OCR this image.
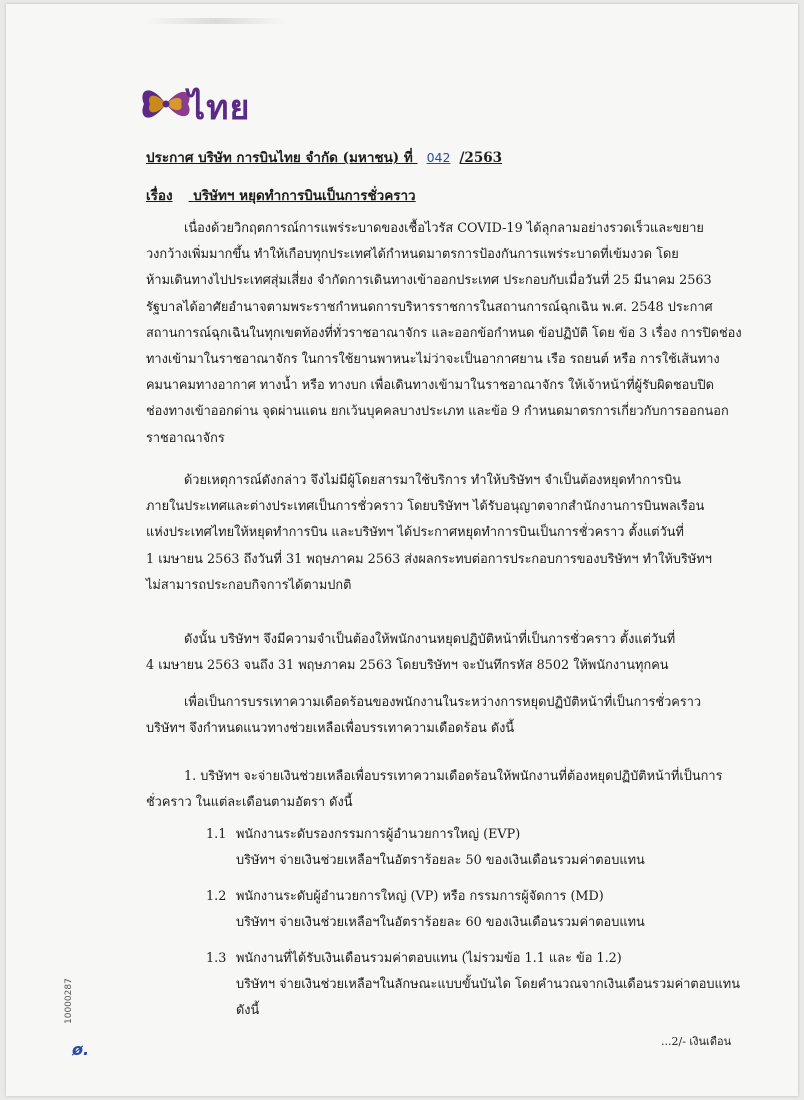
ไทย
ประกาศ บริษัท การบินไทย จำกัด (มหาชน) ที่ 042 /2563
เรื่อง บริษัทฯ หยุดทำการบินเป็นการชั่วคราว

เนื่องด้วยวิกฤตการณ์การแพร่ระบาดของเชื้อไวรัส COVID-19 ได้ลุกลามอย่างรวดเร็วและขยาย

วงกว้างเพิ่มมากขึ้น ทำให้เกือบทุกประเทศได้กำหนดมาตรการป้องกันการแพร่ระบาดที่เข้มงวด โดย

ห้ามเดินทางไปประเทศสุ่มเสี่ยง จำกัดการเดินทางเข้าออกประเทศ ประกอบกับเมื่อวันที่ 25 มีนาคม 2563

รัฐบาลได้อาศัยอำนาจตามพระราชกำหนดการบริหารราชการในสถานการณ์ฉุกเฉิน พ.ศ. 2548 ประกาศ

สถานการณ์ฉุกเฉินในทุกเขตท้องที่ทั่วราชอาณาจักร และออกข้อกำหนด ข้อปฏิบัติ โดย ข้อ 3 เรื่อง การปิดช่อง

ทางเข้ามาในราชอาณาจักร ในการใช้ยานพาหนะไม่ว่าจะเป็นอากาศยาน เรือ รถยนต์ หรือ การใช้เส้นทาง

คมนาคมทางอากาศ ทางน้ำ หรือ ทางบก เพื่อเดินทางเข้ามาในราชอาณาจักร ให้เจ้าหน้าที่ผู้รับผิดชอบปิด

ช่องทางเข้าออกด่าน จุดผ่านแดน ยกเว้นบุคคลบางประเภท และข้อ 9 กำหนดมาตรการเกี่ยวกับการออกนอก

ราชอาณาจักร

ด้วยเหตุการณ์ดังกล่าว จึงไม่มีผู้โดยสารมาใช้บริการ ทำให้บริษัทฯ จำเป็นต้องหยุดทำการบิน

ภายในประเทศและต่างประเทศเป็นการชั่วคราว โดยบริษัทฯ ได้รับอนุญาตจากสำนักงานการบินพลเรือน

แห่งประเทศไทยให้หยุดทำการบิน และบริษัทฯ ได้ประกาศหยุดทำการบินเป็นการชั่วคราว ตั้งแต่วันที่

1 เมษายน 2563 ถึงวันที่ 31 พฤษภาคม 2563 ส่งผลกระทบต่อการประกอบการของบริษัทฯ ทำให้บริษัทฯ

ไม่สามารถประกอบกิจการได้ตามปกติ

ดังนั้น บริษัทฯ จึงมีความจำเป็นต้องให้พนักงานหยุดปฏิบัติหน้าที่เป็นการชั่วคราว ตั้งแต่วันที่

4 เมษายน 2563 จนถึง 31 พฤษภาคม 2563 โดยบริษัทฯ จะบันทึกรหัส 8502 ให้พนักงานทุกคน

เพื่อเป็นการบรรเทาความเดือดร้อนของพนักงานในระหว่างการหยุดปฏิบัติหน้าที่เป็นการชั่วคราว

บริษัทฯ จึงกำหนดแนวทางช่วยเหลือเพื่อบรรเทาความเดือดร้อน ดังนี้

1. บริษัทฯ จะจ่ายเงินช่วยเหลือเพื่อบรรเทาความเดือดร้อนให้พนักงานที่ต้องหยุดปฏิบัติหน้าที่เป็นการ

ชั่วคราว ในแต่ละเดือนตามอัตรา ดังนี้

1.1 พนักงานระดับรองกรรมการผู้อำนวยการใหญ่ (EVP)
บริษัทฯ จ่ายเงินช่วยเหลือฯในอัตราร้อยละ 50 ของเงินเดือนรวมค่าตอบแทน
1.2 พนักงานระดับผู้อำนวยการใหญ่ (VP) หรือ กรรมการผู้จัดการ (MD)
บริษัทฯ จ่ายเงินช่วยเหลือฯในอัตราร้อยละ 60 ของเงินเดือนรวมค่าตอบแทน
1.3 พนักงานที่ได้รับเงินเดือนรวมค่าตอบแทน (ไม่รวมข้อ 1.1 และ ข้อ 1.2)
บริษัทฯ จ่ายเงินช่วยเหลือฯในลักษณะแบบขั้นบันได โดยคำนวณจากเงินเดือนรวมค่าตอบแทน
ดังนี้
10000287
ø.	...2/- เงินเดือน
